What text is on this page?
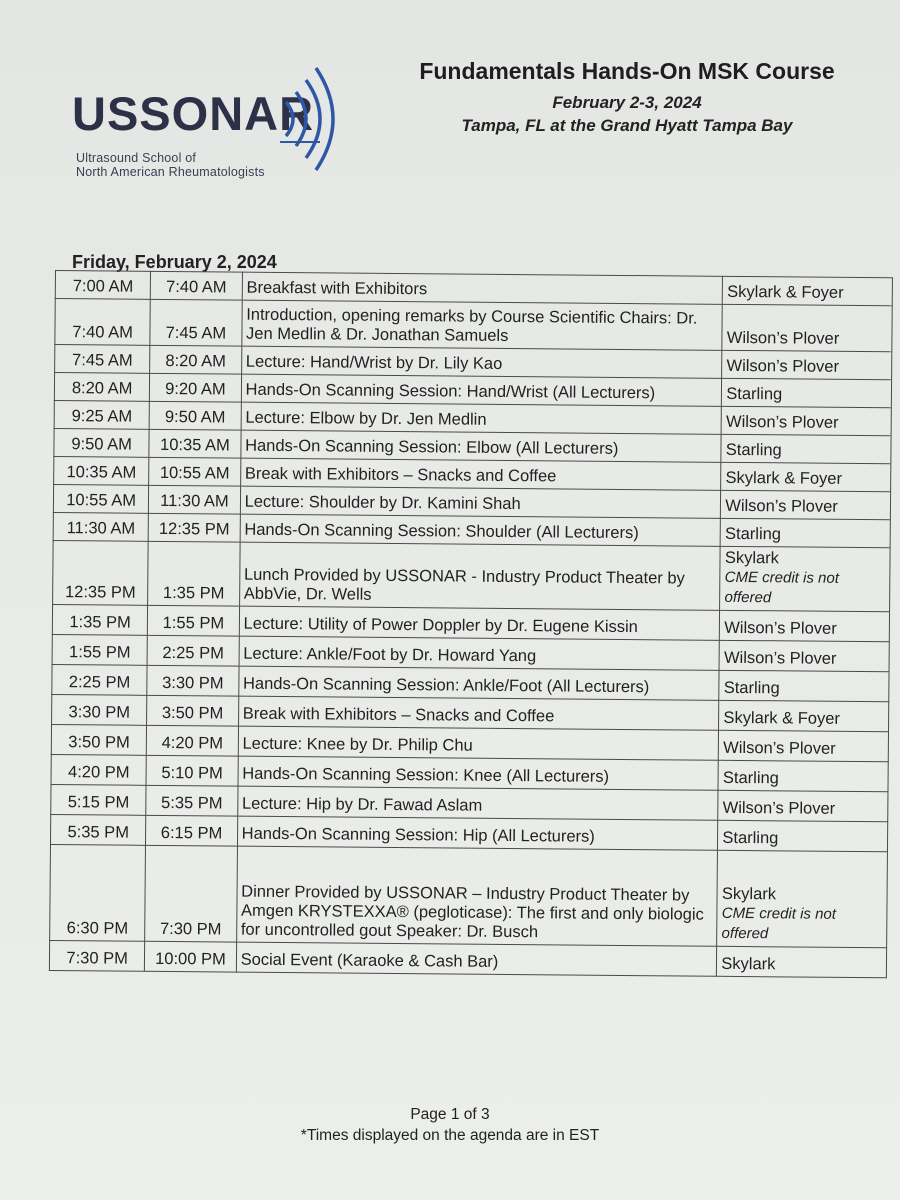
USSONAR
Ultrasound School of
North American Rheumatologists
Fundamentals Hands-On MSK Course
February 2-3, 2024
Tampa, FL at the Grand Hyatt Tampa Bay
Friday, February 2, 2024
7:00 AM	7:40 AM	Breakfast with Exhibitors	Skylark & Foyer
7:40 AM	7:45 AM	Introduction, opening remarks by Course Scientific Chairs: Dr. Jen Medlin & Dr. Jonathan Samuels	Wilson’s Plover
7:45 AM	8:20 AM	Lecture: Hand/Wrist by Dr. Lily Kao	Wilson’s Plover
8:20 AM	9:20 AM	Hands-On Scanning Session: Hand/Wrist (All Lecturers)	Starling
9:25 AM	9:50 AM	Lecture: Elbow by Dr. Jen Medlin	Wilson’s Plover
9:50 AM	10:35 AM	Hands-On Scanning Session: Elbow (All Lecturers)	Starling
10:35 AM	10:55 AM	Break with Exhibitors – Snacks and Coffee	Skylark & Foyer
10:55 AM	11:30 AM	Lecture: Shoulder by Dr. Kamini Shah	Wilson’s Plover
11:30 AM	12:35 PM	Hands-On Scanning Session: Shoulder (All Lecturers)	Starling
12:35 PM	1:35 PM	Lunch Provided by USSONAR - Industry Product Theater by AbbVie, Dr. Wells	Skylark
CME credit is not offered

1:35 PM	1:55 PM	Lecture: Utility of Power Doppler by Dr. Eugene Kissin	Wilson’s Plover
1:55 PM	2:25 PM	Lecture: Ankle/Foot by Dr. Howard Yang	Wilson’s Plover
2:25 PM	3:30 PM	Hands-On Scanning Session: Ankle/Foot (All Lecturers)	Starling
3:30 PM	3:50 PM	Break with Exhibitors – Snacks and Coffee	Skylark & Foyer
3:50 PM	4:20 PM	Lecture: Knee by Dr. Philip Chu	Wilson’s Plover
4:20 PM	5:10 PM	Hands-On Scanning Session: Knee (All Lecturers)	Starling
5:15 PM	5:35 PM	Lecture: Hip by Dr. Fawad Aslam	Wilson’s Plover
5:35 PM	6:15 PM	Hands-On Scanning Session: Hip (All Lecturers)	Starling
6:30 PM	7:30 PM	Dinner Provided by USSONAR – Industry Product Theater by Amgen KRYSTEXXA® (pegloticase): The first and only biologic for uncontrolled gout Speaker: Dr. Busch	Skylark
CME credit is not offered

7:30 PM	10:00 PM	Social Event (Karaoke & Cash Bar)	Skylark
Page 1 of 3
*Times displayed on the agenda are in EST
